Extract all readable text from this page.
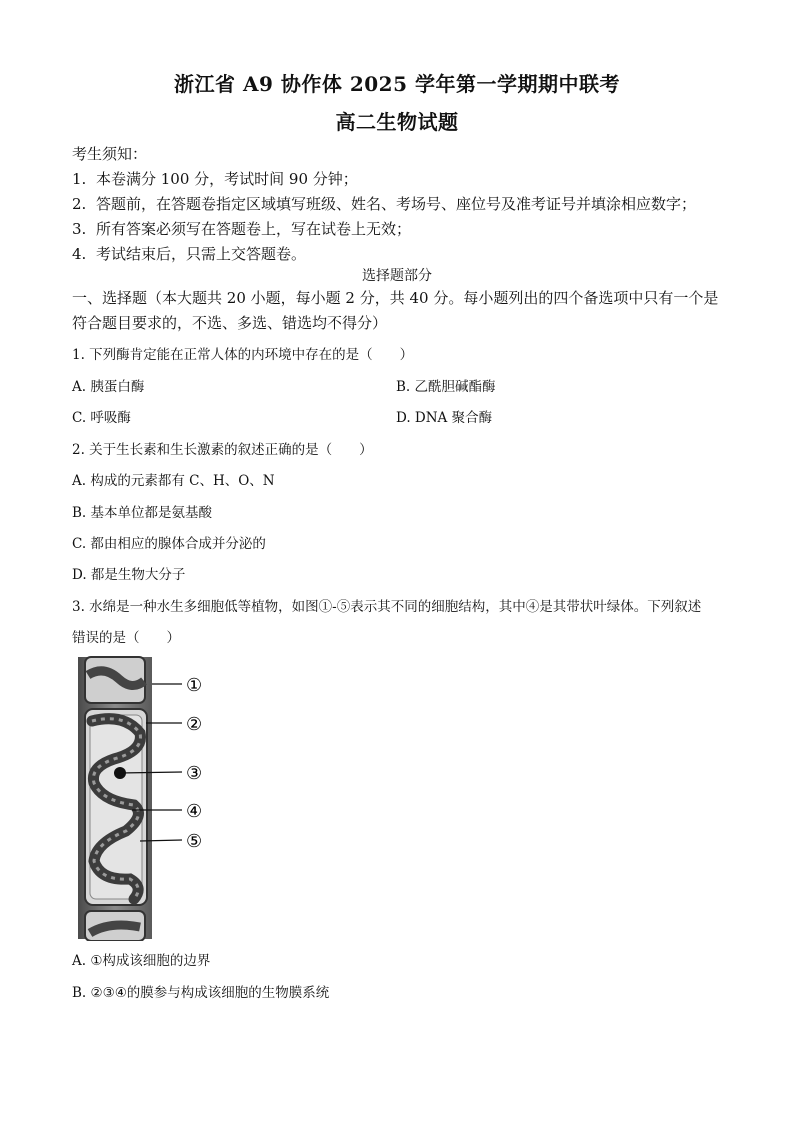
浙江省 A9 协作体 2025 学年第一学期期中联考
高二生物试题
考生须知：
1. 本卷满分 100 分，考试时间 90 分钟；
2. 答题前，在答题卷指定区域填写班级、姓名、考场号、座位号及准考证号并填涂相应数字；
3. 所有答案必须写在答题卷上，写在试卷上无效；
4. 考试结束后，只需上交答题卷。
选择题部分
一、选择题（本大题共 20 小题，每小题 2 分，共 40 分。每小题列出的四个备选项中只有一个是符合题目要求的，不选、多选、错选均不得分）
1. 下列酶肯定能在正常人体的内环境中存在的是（　　）
A. 胰蛋白酶	B. 乙酰胆碱酯酶
C. 呼吸酶	D. DNA 聚合酶
2. 关于生长素和生长激素的叙述正确的是（　　）
A. 构成的元素都有 C、H、O、N
B. 基本单位都是氨基酸
C. 都由相应的腺体合成并分泌的
D. 都是生物大分子
3. 水绵是一种水生多细胞低等植物，如图①-⑤表示其不同的细胞结构，其中④是其带状叶绿体。下列叙述
错误的是（　　）
①
②
③
④
⑤
A. ①构成该细胞的边界
B. ②③④的膜参与构成该细胞的生物膜系统
